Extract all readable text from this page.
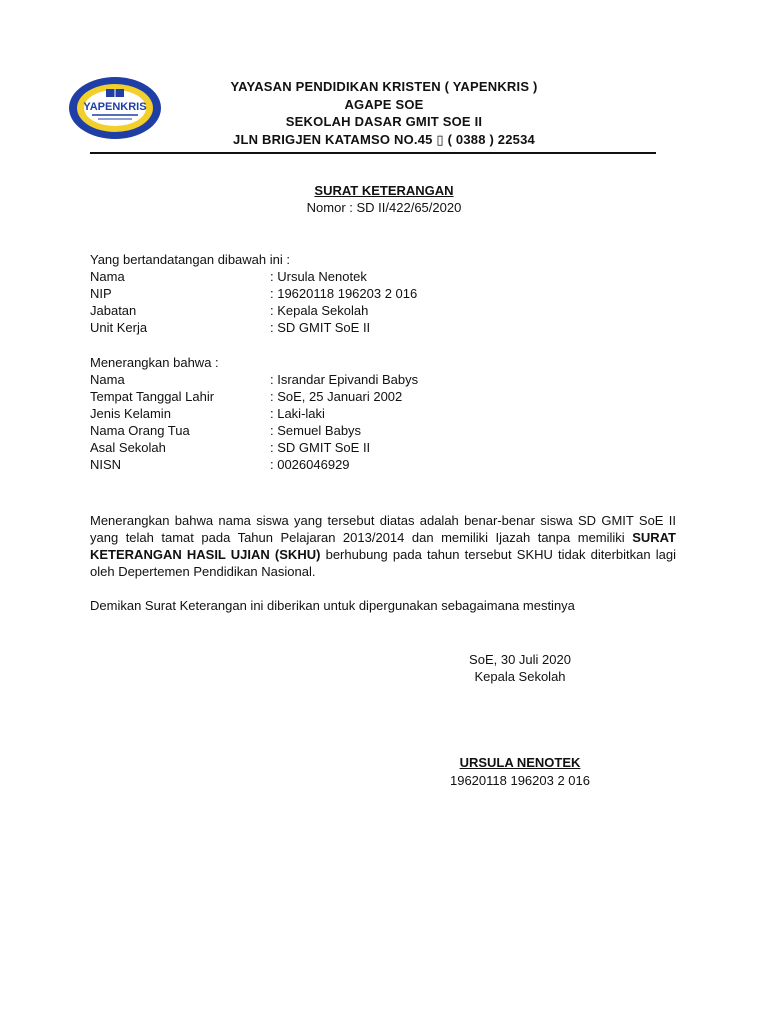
YAPENKRIS
YAYASAN PENDIDIKAN KRISTEN ( YAPENKRIS )
AGAPE SOE
SEKOLAH DASAR GMIT SOE II
JLN BRIGJEN KATAMSO NO.45 ▯ ( 0388 ) 22534
SURAT KETERANGAN
Nomor : SD II/422/65/2020
Yang bertandatangan dibawah ini :
Nama	: Ursula Nenotek
NIP	: 19620118 196203 2 016
Jabatan	: Kepala Sekolah
Unit Kerja	: SD GMIT SoE II
Menerangkan bahwa :
Nama	: Israndar Epivandi Babys
Tempat Tanggal Lahir	: SoE, 25 Januari 2002
Jenis Kelamin	: Laki-laki
Nama Orang Tua	: Semuel Babys
Asal Sekolah	: SD GMIT SoE II
NISN	: 0026046929
Menerangkan bahwa nama siswa yang tersebut diatas adalah benar-benar siswa SD GMIT SoE II yang telah tamat pada Tahun Pelajaran 2013/2014 dan memiliki Ijazah tanpa memiliki SURAT KETERANGAN HASIL UJIAN (SKHU) berhubung pada tahun tersebut SKHU tidak diterbitkan lagi oleh Depertemen Pendidikan Nasional.
Demikan Surat Keterangan ini diberikan untuk dipergunakan sebagaimana mestinya
SoE, 30 Juli 2020
Kepala Sekolah
URSULA NENOTEK
19620118 196203 2 016
